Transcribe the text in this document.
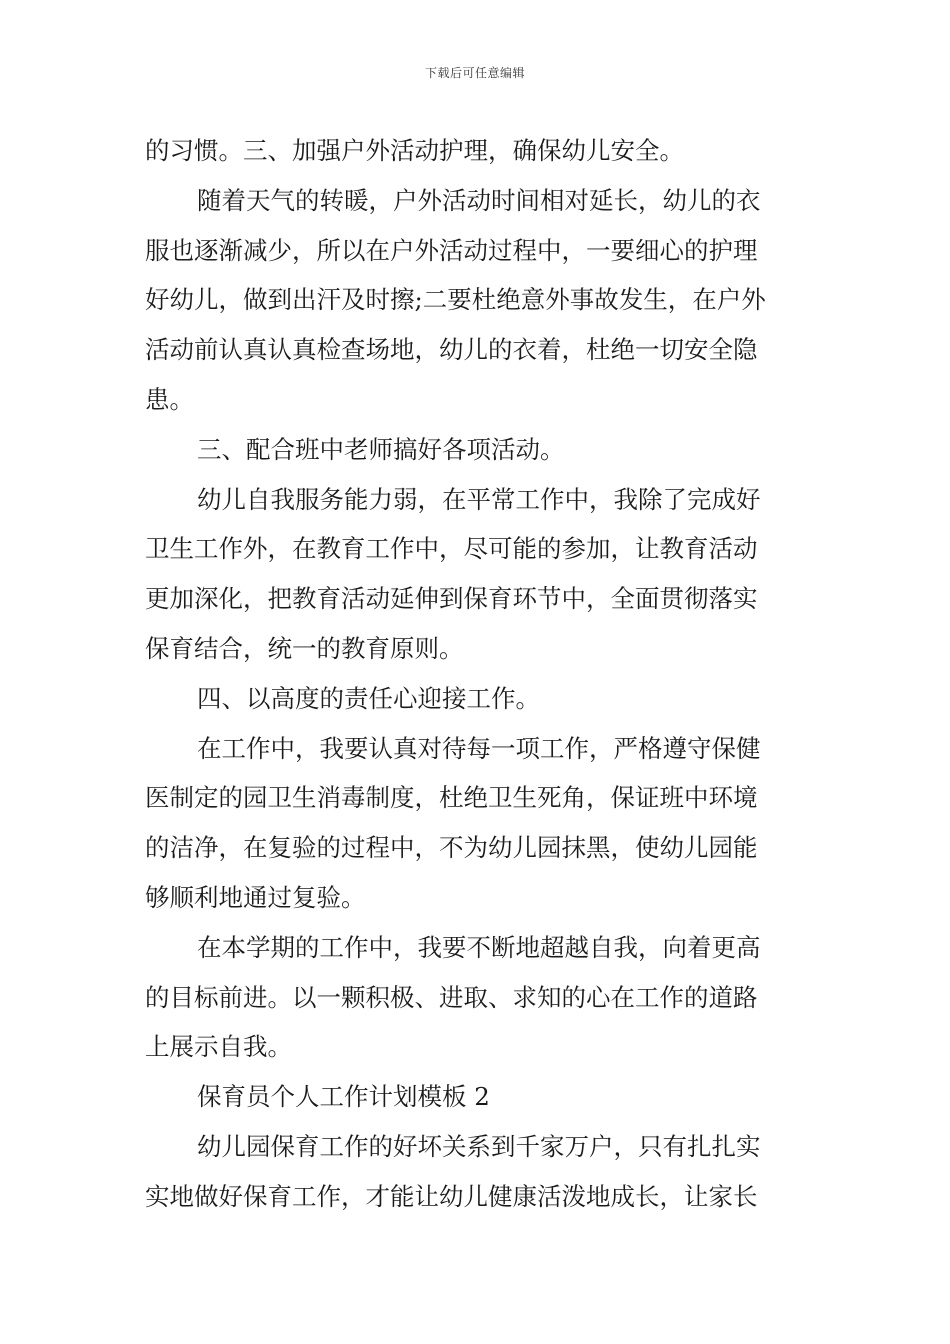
下载后可任意编辑
的习惯。三、加强户外活动护理，确保幼儿安全。
随着天气的转暖，户外活动时间相对延长，幼儿的衣
服也逐渐减少，所以在户外活动过程中，一要细心的护理
好幼儿，做到出汗及时擦;二要杜绝意外事故发生，在户外
活动前认真认真检查场地，幼儿的衣着，杜绝一切安全隐
患。
三、配合班中老师搞好各项活动。
幼儿自我服务能力弱，在平常工作中，我除了完成好
卫生工作外，在教育工作中，尽可能的参加，让教育活动
更加深化，把教育活动延伸到保育环节中，全面贯彻落实
保育结合，统一的教育原则。
四、以高度的责任心迎接工作。
在工作中，我要认真对待每一项工作，严格遵守保健
医制定的园卫生消毒制度，杜绝卫生死角，保证班中环境
的洁净，在复验的过程中，不为幼儿园抹黑，使幼儿园能
够顺利地通过复验。
在本学期的工作中，我要不断地超越自我，向着更高
的目标前进。以一颗积极、进取、求知的心在工作的道路
上展示自我。
保育员个人工作计划模板 2
幼儿园保育工作的好坏关系到千家万户，只有扎扎实
实地做好保育工作，才能让幼儿健康活泼地成长，让家长
